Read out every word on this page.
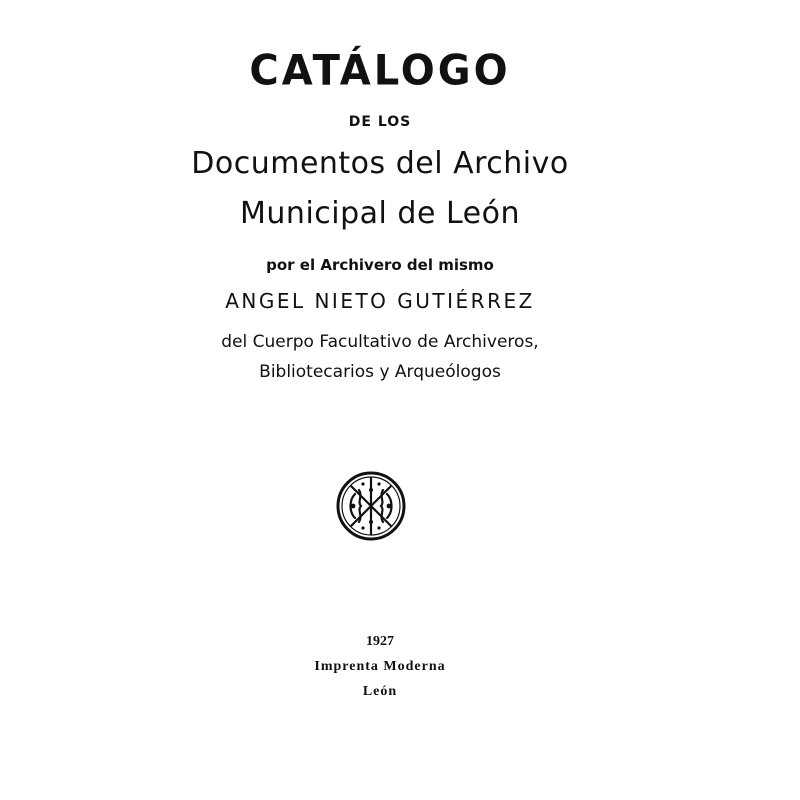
CATÁLOGO
DE LOS
Documentos del Archivo
Municipal de León
por el Archivero del mismo
ANGEL NIETO GUTIÉRREZ
del Cuerpo Facultativo de Archiveros,
Bibliotecarios y Arqueólogos
1927
Imprenta Moderna
León
